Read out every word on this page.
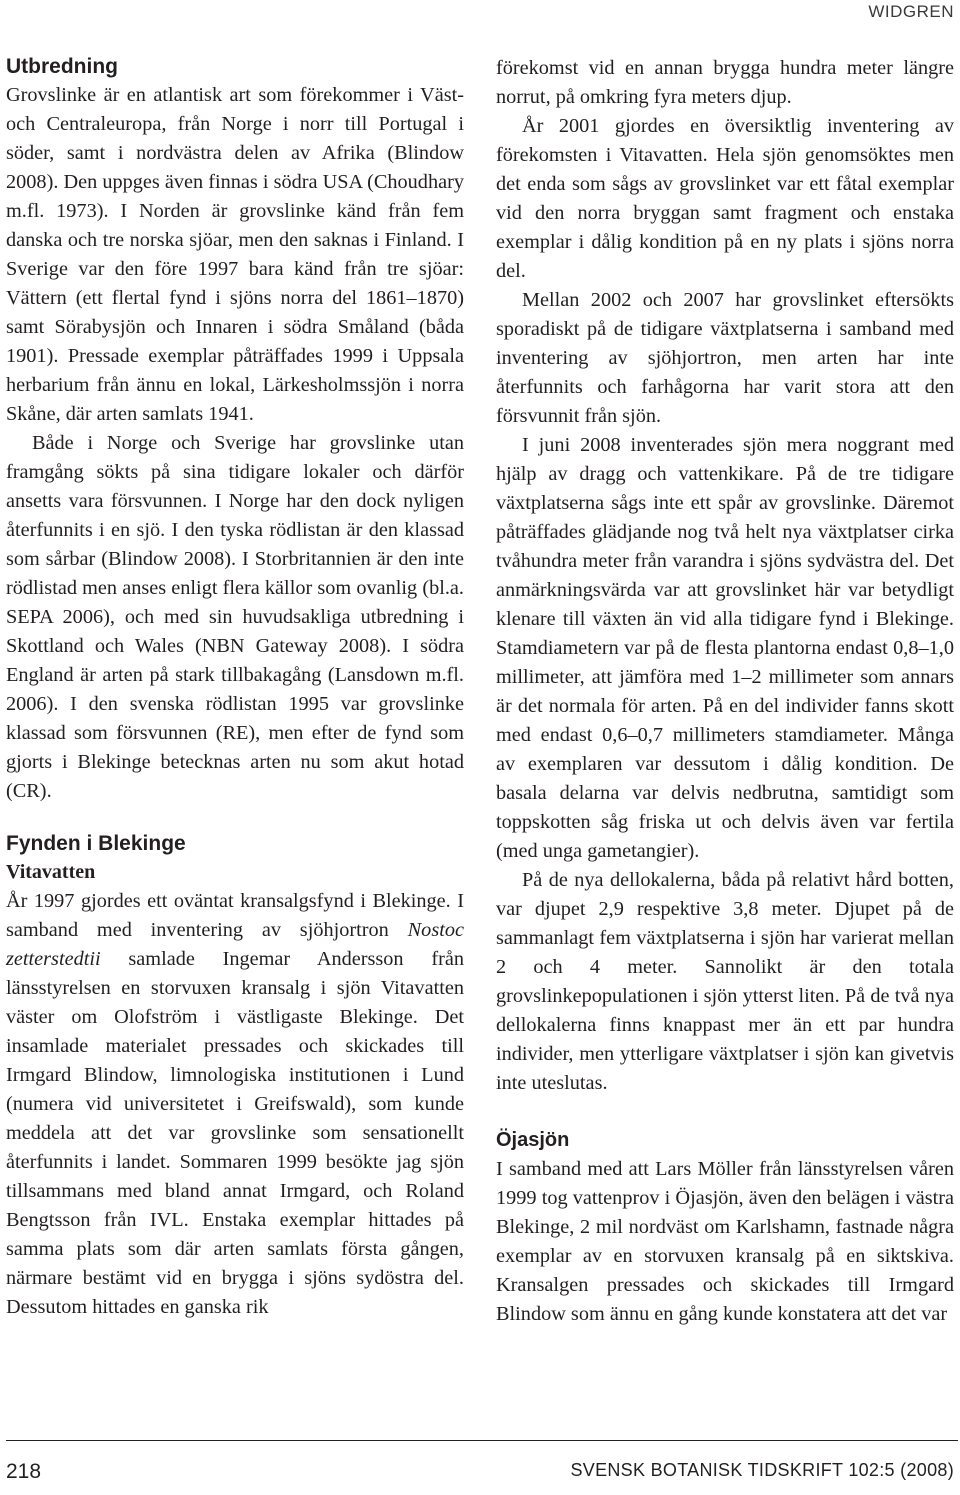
WIDGREN
Utbredning

Grovslinke är en atlantisk art som förekommer i Väst- och Centraleuropa, från Norge i norr till Portugal i söder, samt i nordvästra delen av Afrika (Blindow 2008). Den uppges även finnas i södra USA (Choudhary m.fl. 1973). I Norden är grovslinke känd från fem danska och tre norska sjöar, men den saknas i Finland. I Sverige var den före 1997 bara känd från tre sjöar: Vättern (ett flertal fynd i sjöns norra del 1861–1870) samt Sörabysjön och Innaren i södra Småland (båda 1901). Pressade exemplar påträffades 1999 i Uppsala herbarium från ännu en lokal, Lärkesholmssjön i norra Skåne, där arten samlats 1941.

Både i Norge och Sverige har grovslinke utan framgång sökts på sina tidigare lokaler och därför ansetts vara försvunnen. I Norge har den dock nyligen återfunnits i en sjö. I den tyska rödlistan är den klassad som sårbar (Blindow 2008). I Storbritannien är den inte rödlistad men anses enligt flera källor som ovanlig (bl.a. SEPA 2006), och med sin huvudsakliga utbredning i Skottland och Wales (NBN Gateway 2008). I södra England är arten på stark tillbakagång (Lansdown m.fl. 2006). I den svenska rödlistan 1995 var grovslinke klassad som försvunnen (RE), men efter de fynd som gjorts i Blekinge betecknas arten nu som akut hotad (CR).

Fynden i Blekinge
Vitavatten

År 1997 gjordes ett oväntat kransalgsfynd i Blekinge. I samband med inventering av sjöhjortron Nostoc zetterstedtii samlade Ingemar Andersson från länsstyrelsen en storvuxen kransalg i sjön Vitavatten väster om Olofström i västligaste Blekinge. Det insamlade materialet pressades och skickades till Irmgard Blindow, limnologiska institutionen i Lund (numera vid universitetet i Greifswald), som kunde meddela att det var grovslinke som sensationellt återfunnits i landet. Sommaren 1999 besökte jag sjön tillsammans med bland annat Irmgard, och Roland Bengtsson från IVL. Enstaka exemplar hittades på samma plats som där arten samlats första gången, närmare bestämt vid en brygga i sjöns sydöstra del. Dessutom hittades en ganska rik

förekomst vid en annan brygga hundra meter längre norrut, på omkring fyra meters djup.

År 2001 gjordes en översiktlig inventering av förekomsten i Vitavatten. Hela sjön genomsöktes men det enda som sågs av grovslinket var ett fåtal exemplar vid den norra bryggan samt fragment och enstaka exemplar i dålig kondition på en ny plats i sjöns norra del.

Mellan 2002 och 2007 har grovslinket eftersökts sporadiskt på de tidigare växtplatserna i samband med inventering av sjöhjortron, men arten har inte återfunnits och farhågorna har varit stora att den försvunnit från sjön.

I juni 2008 inventerades sjön mera noggrant med hjälp av dragg och vattenkikare. På de tre tidigare växtplatserna sågs inte ett spår av grovslinke. Däremot påträffades glädjande nog två helt nya växtplatser cirka tvåhundra meter från varandra i sjöns sydvästra del. Det anmärkningsvärda var att grovslinket här var betydligt klenare till växten än vid alla tidigare fynd i Blekinge. Stamdiametern var på de flesta plantorna endast 0,8–1,0 millimeter, att jämföra med 1–2 millimeter som annars är det normala för arten. På en del individer fanns skott med endast 0,6–0,7 millimeters stamdiameter. Många av exemplaren var dessutom i dålig kondition. De basala delarna var delvis nedbrutna, samtidigt som toppskotten såg friska ut och delvis även var fertila (med unga gametangier).

På de nya dellokalerna, båda på relativt hård botten, var djupet 2,9 respektive 3,8 meter. Djupet på de sammanlagt fem växtplatserna i sjön har varierat mellan 2 och 4 meter. Sannolikt är den totala grovslinkepopulationen i sjön ytterst liten. På de två nya dellokalerna finns knappast mer än ett par hundra individer, men ytterligare växtplatser i sjön kan givetvis inte uteslutas.

Öjasjön

I samband med att Lars Möller från länsstyrelsen våren 1999 tog vattenprov i Öjasjön, även den belägen i västra Blekinge, 2 mil nordväst om Karlshamn, fastnade några exemplar av en storvuxen kransalg på en siktskiva. Kransalgen pressades och skickades till Irmgard Blindow som ännu en gång kunde konstatera att det var

218	SVENSK BOTANISK TIDSKRIFT 102:5 (2008)
